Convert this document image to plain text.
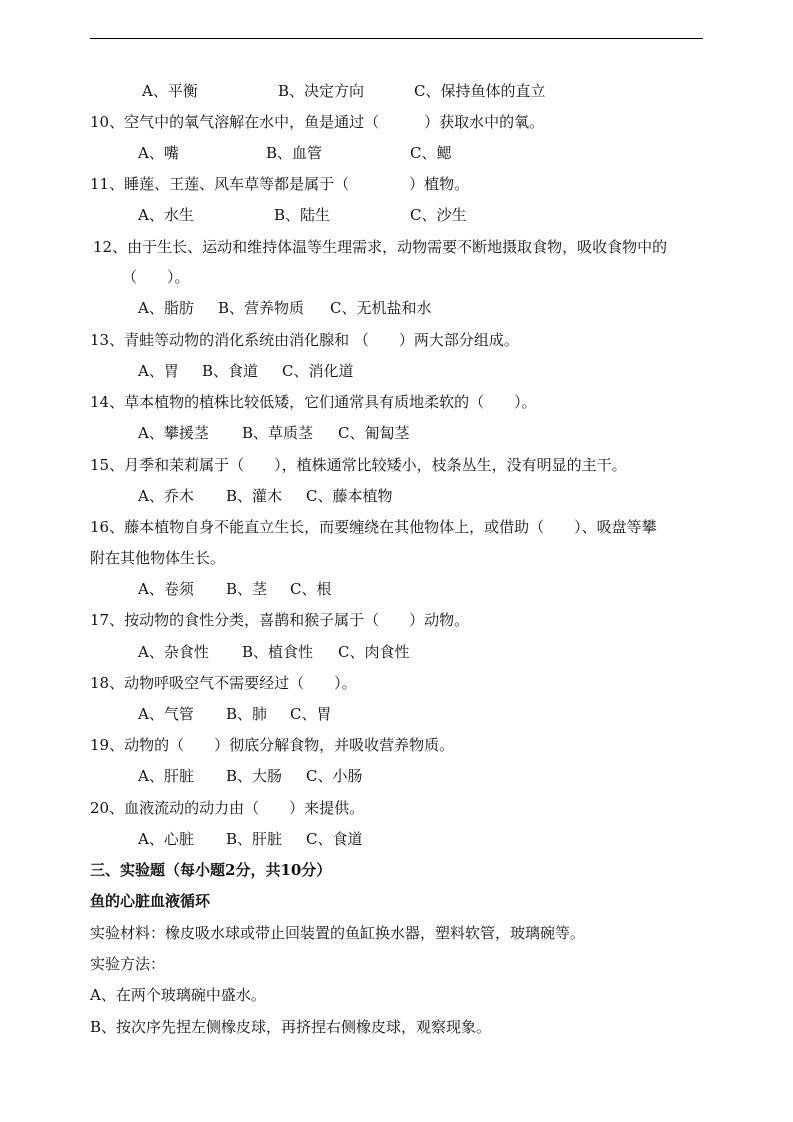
A、平衡	B、决定方向	C、保持鱼体的直立
10、空气中的氧气溶解在水中，鱼是通过（　　　）获取水中的氧。
A、嘴	B、血管	C、鳃
11、睡莲、王莲、风车草等都是属于（　　　　）植物。
A、水生	B、陆生	C、沙生
12、由于生长、运动和维持体温等生理需求，动物需要不断地摄取食物，吸收食物中的
（　　）。
A、脂肪 B、营养物质 C、无机盐和水
13、青蛙等动物的消化系统由消化腺和 （　　）两大部分组成。
A、胃 B、食道 C、消化道
14、草本植物的植株比较低矮，它们通常具有质地柔软的（　　）。
A、攀援茎 B、草质茎 C、匍匐茎
15、月季和茉莉属于（　　），植株通常比较矮小，枝条丛生，没有明显的主干。
A、乔木 B、灌木 C、藤本植物
16、藤本植物自身不能直立生长，而要缠绕在其他物体上，或借助（　　）、吸盘等攀
附在其他物体生长。
A、卷须 B、茎 C、根
17、按动物的食性分类，喜鹊和猴子属于（　　）动物。
A、杂食性 B、植食性 C、肉食性
18、动物呼吸空气不需要经过（　　）。
A、气管 B、肺 C、胃
19、动物的（　　）彻底分解食物，并吸收营养物质。
A、肝脏 B、大肠 C、小肠
20、血液流动的动力由（　　）来提供。
A、心脏 B、肝脏 C、食道
三、实验题（每小题2分，共10分）
鱼的心脏血液循环
实验材料：橡皮吸水球或带止回装置的鱼缸换水器，塑料软管，玻璃碗等。
实验方法：
A、在两个玻璃碗中盛水。
B、按次序先捏左侧橡皮球，再挤捏右侧橡皮球，观察现象。
